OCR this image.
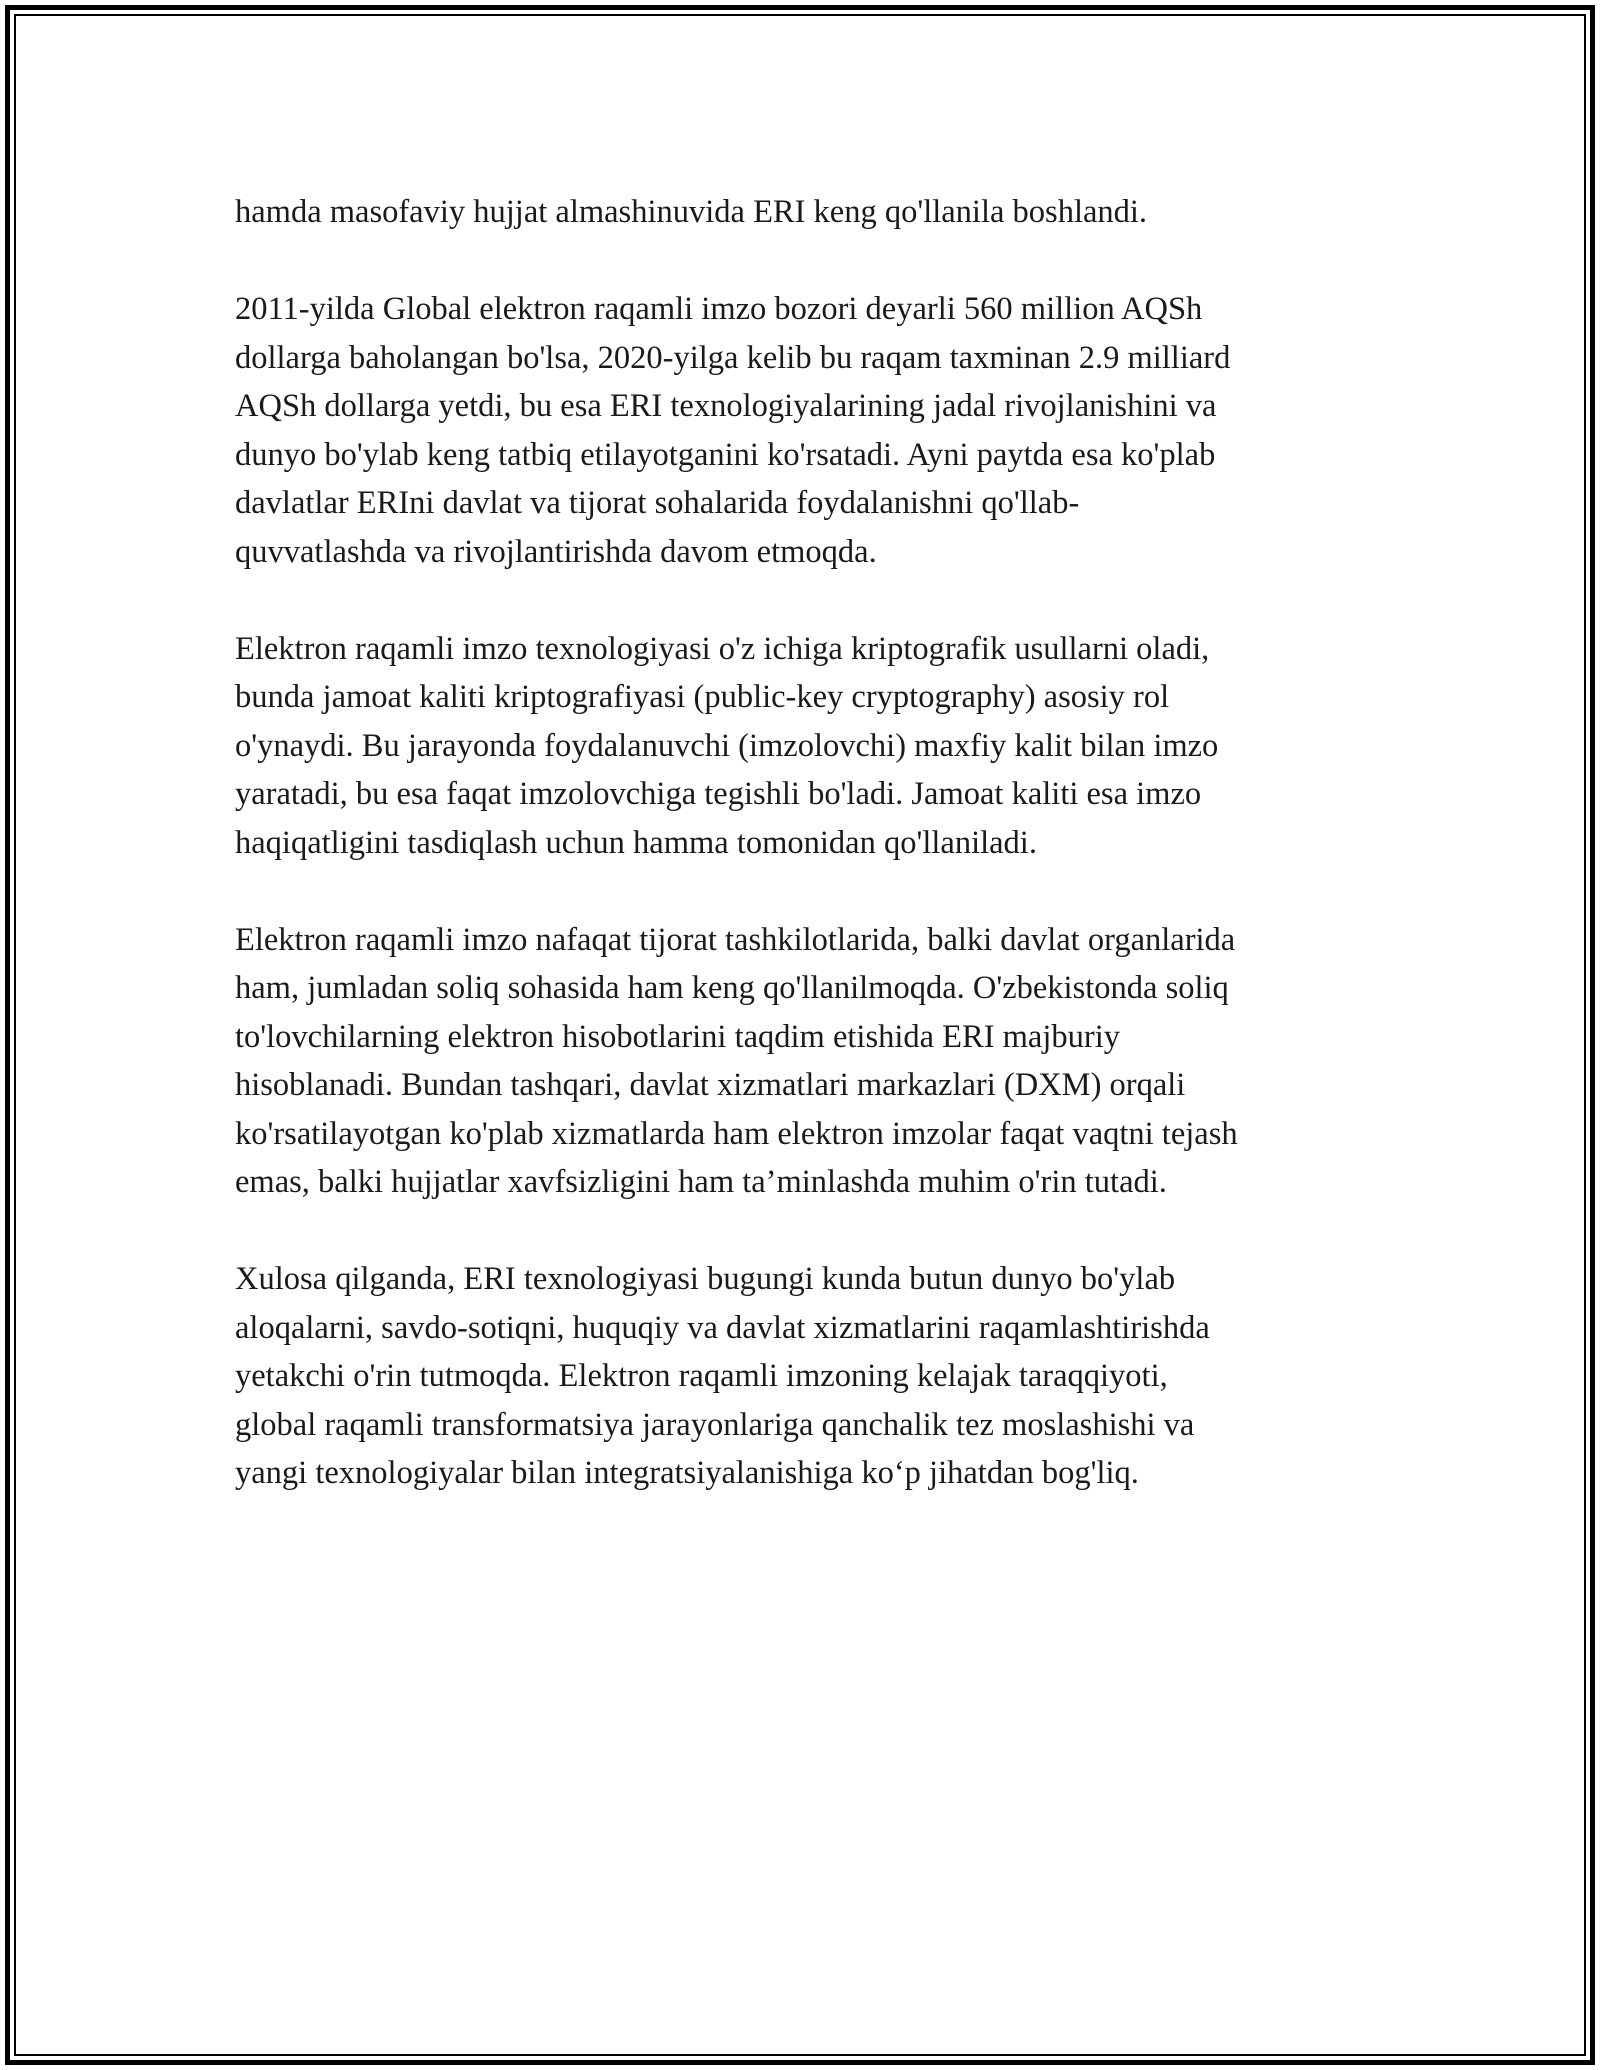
hamda masofaviy hujjat almashinuvida ERI keng qo'llanila boshlandi.

2011-yilda Global elektron raqamli imzo bozori deyarli 560 million AQSh
dollarga baholangan bo'lsa, 2020-yilga kelib bu raqam taxminan 2.9 milliard
AQSh dollarga yetdi, bu esa ERI texnologiyalarining jadal rivojlanishini va
dunyo bo'ylab keng tatbiq etilayotganini ko'rsatadi. Ayni paytda esa ko'plab
davlatlar ERIni davlat va tijorat sohalarida foydalanishni qo'llab-
quvvatlashda va rivojlantirishda davom etmoqda.

Elektron raqamli imzo texnologiyasi o'z ichiga kriptografik usullarni oladi,
bunda jamoat kaliti kriptografiyasi (public-key cryptography) asosiy rol
o'ynaydi. Bu jarayonda foydalanuvchi (imzolovchi) maxfiy kalit bilan imzo
yaratadi, bu esa faqat imzolovchiga tegishli bo'ladi. Jamoat kaliti esa imzo
haqiqatligini tasdiqlash uchun hamma tomonidan qo'llaniladi.

Elektron raqamli imzo nafaqat tijorat tashkilotlarida, balki davlat organlarida
ham, jumladan soliq sohasida ham keng qo'llanilmoqda. O'zbekistonda soliq
to'lovchilarning elektron hisobotlarini taqdim etishida ERI majburiy
hisoblanadi. Bundan tashqari, davlat xizmatlari markazlari (DXM) orqali
ko'rsatilayotgan ko'plab xizmatlarda ham elektron imzolar faqat vaqtni tejash
emas, balki hujjatlar xavfsizligini ham ta’minlashda muhim o'rin tutadi.

Xulosa qilganda, ERI texnologiyasi bugungi kunda butun dunyo bo'ylab
aloqalarni, savdo-sotiqni, huquqiy va davlat xizmatlarini raqamlashtirishda
yetakchi o'rin tutmoqda. Elektron raqamli imzoning kelajak taraqqiyoti,
global raqamli transformatsiya jarayonlariga qanchalik tez moslashishi va
yangi texnologiyalar bilan integratsiyalanishiga ko‘p jihatdan bog'liq.
